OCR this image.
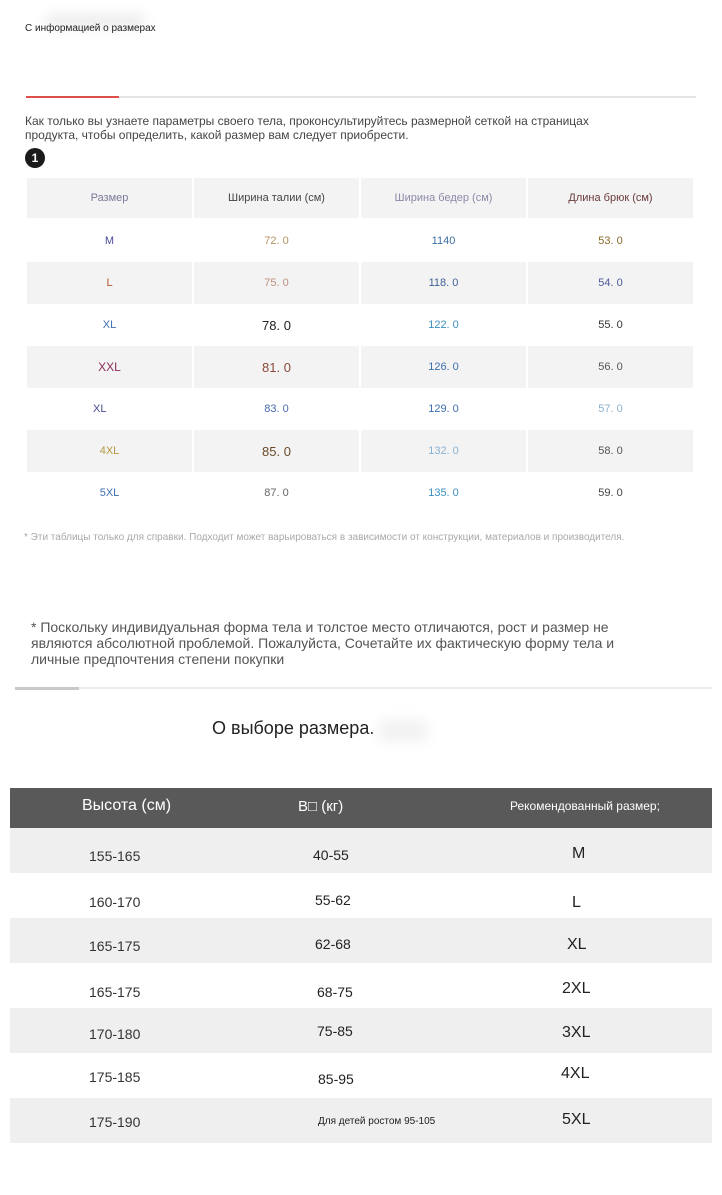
С информацией о размерах
Как только вы узнаете параметры своего тела, проконсультируйтесь размерной сеткой на страницах продукта, чтобы определить, какой размер вам следует приобрести.
1
Размер	Ширина талии (см)	Ширина бедер (см)	Длина брюк (см)
M	72. 0	1140	53. 0
L	75. 0	118. 0	54. 0
XL	78. 0	122. 0	55. 0
XXL	81. 0	126. 0	56. 0
XL	83. 0	129. 0	57. 0
4XL	85. 0	132. 0	58. 0
5XL	87. 0	135. 0	59. 0
* Эти таблицы только для справки. Подходит может варьироваться в зависимости от конструкции, материалов и производителя.
* Поскольку индивидуальная форма тела и толстое место отличаются, рост и размер не являются абсолютной проблемой. Пожалуйста, Сочетайте их фактическую форму тела и личные предпочтения степени покупки
О выборе размера.
Высота (см)	В□ (кг)	Рекомендованный размер;
155-165	40-55	M
160-170	55-62	L
165-175	62-68	XL
165-175	68-75	2XL
170-180	75-85	3XL
175-185	85-95	4XL
175-190	Для детей ростом 95-105	5XL
